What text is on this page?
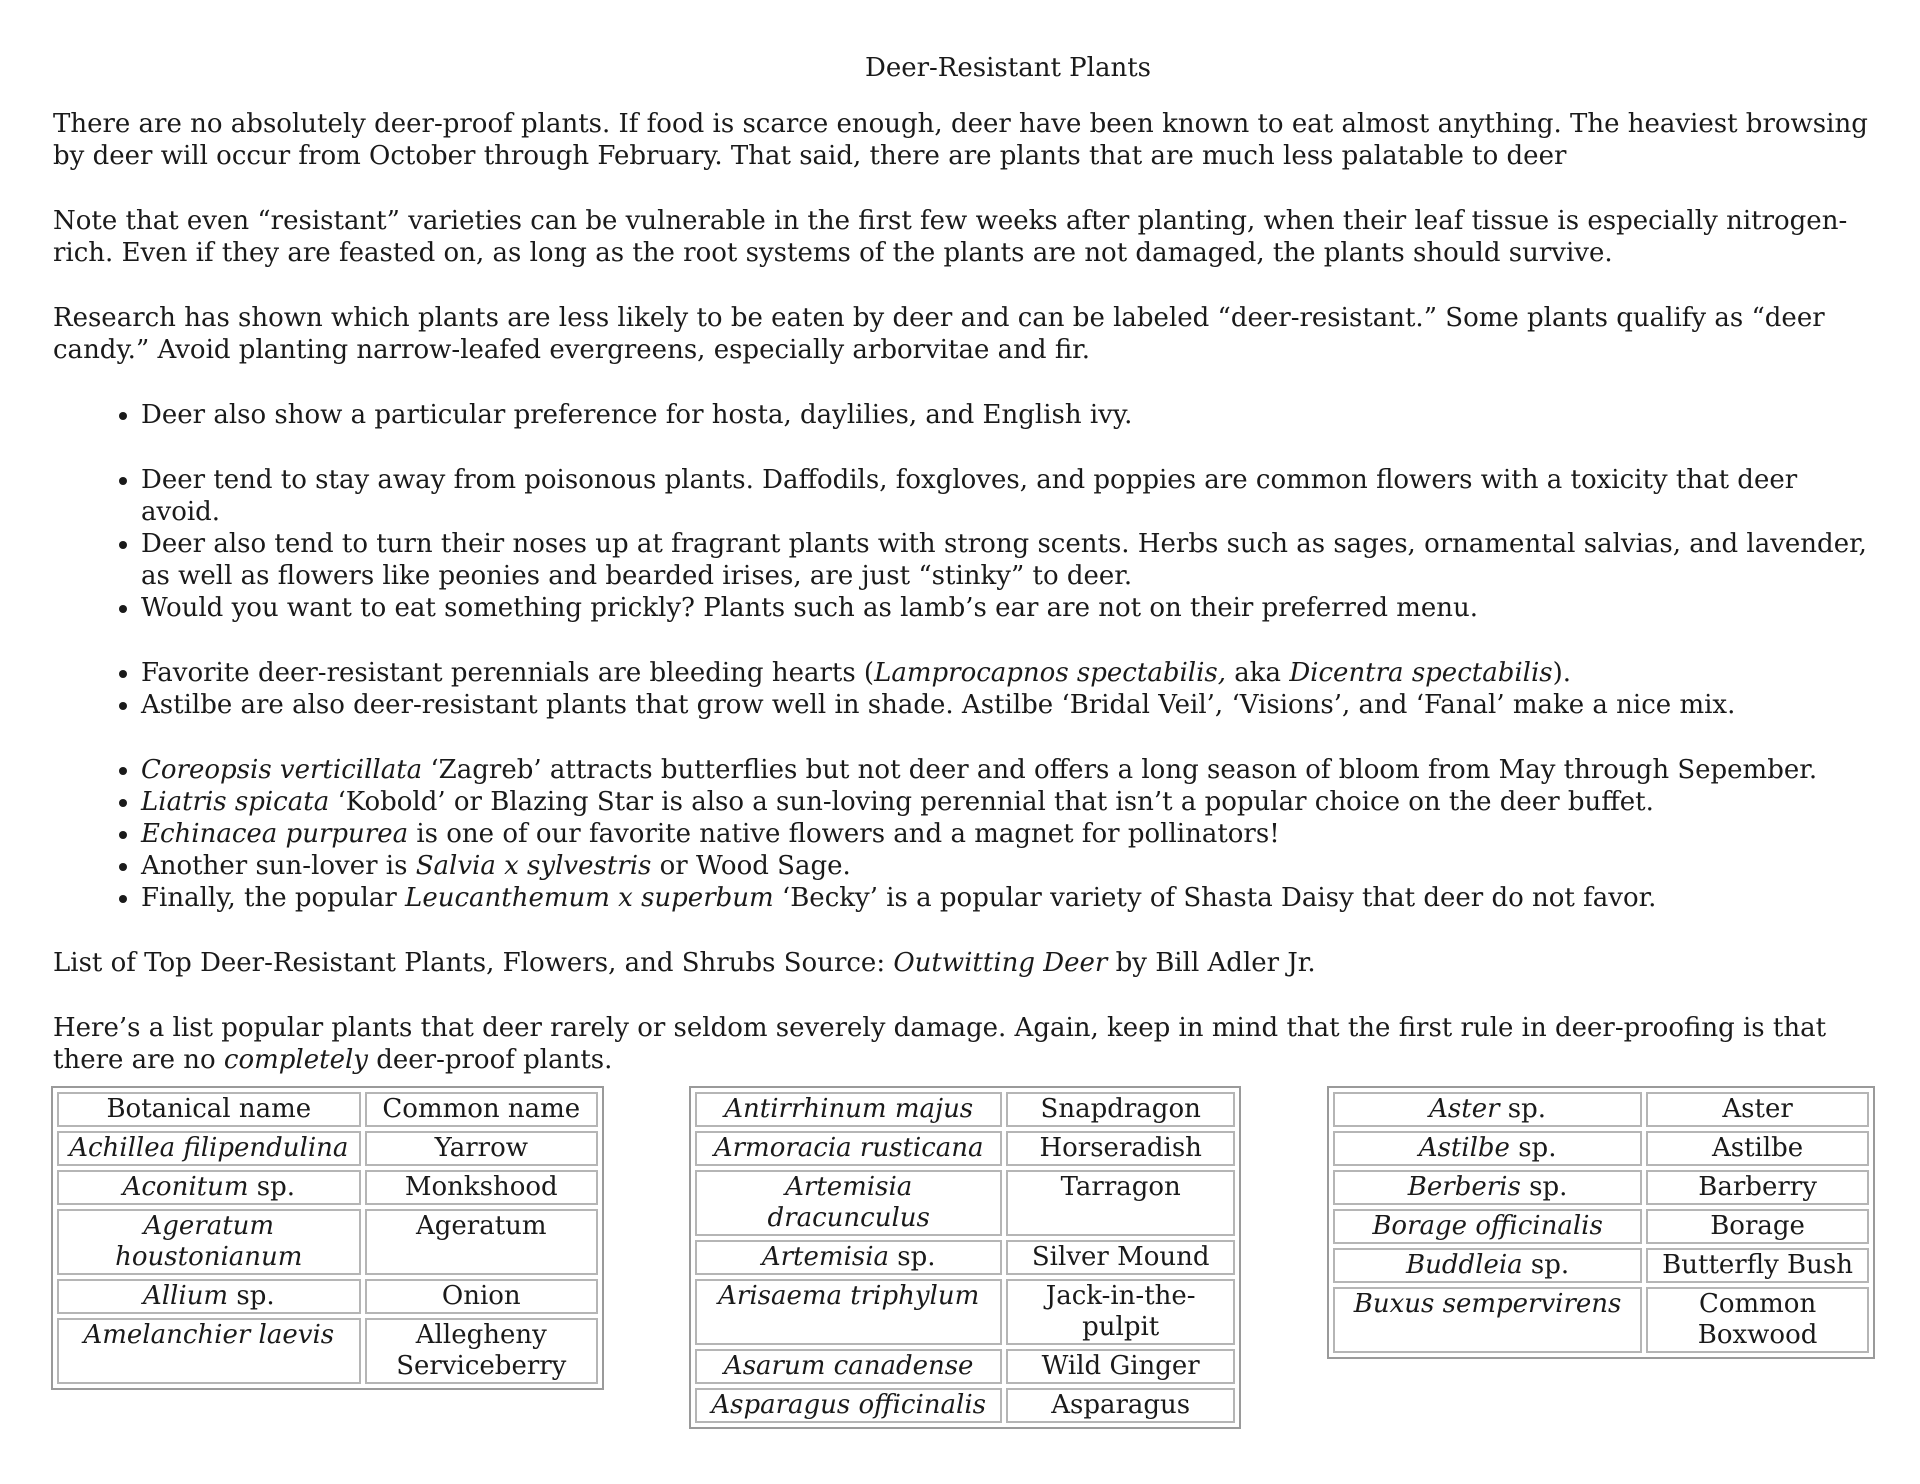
Deer-Resistant Plants

There are no absolutely deer-proof plants. If food is scarce enough, deer have been known to eat almost anything. The heaviest browsing by deer will occur from October through February. That said, there are plants that are much less palatable to deer

Note that even “resistant” varieties can be vulnerable in the first few weeks after planting, when their leaf tissue is especially nitrogen-rich. Even if they are feasted on, as long as the root systems of the plants are not damaged, the plants should survive.

Research has shown which plants are less likely to be eaten by deer and can be labeled “deer-resistant.” Some plants qualify as “deer candy.” Avoid planting narrow-leafed evergreens, especially arborvitae and fir.

• Deer also show a particular preference for hosta, daylilies, and English ivy.
• Deer tend to stay away from poisonous plants. Daffodils, foxgloves, and poppies are common flowers with a toxicity that deer avoid.
• Deer also tend to turn their noses up at fragrant plants with strong scents. Herbs such as sages, ornamental salvias, and lavender, as well as flowers like peonies and bearded irises, are just “stinky” to deer.
• Would you want to eat something prickly? Plants such as lamb’s ear are not on their preferred menu.
• Favorite deer-resistant perennials are bleeding hearts (Lamprocapnos spectabilis, aka Dicentra spectabilis).
• Astilbe are also deer-resistant plants that grow well in shade. Astilbe ‘Bridal Veil’, ‘Visions’, and ‘Fanal’ make a nice mix.
• Coreopsis verticillata ‘Zagreb’ attracts butterflies but not deer and offers a long season of bloom from May through Sepember.
• Liatris spicata ‘Kobold’ or Blazing Star is also a sun-loving perennial that isn’t a popular choice on the deer buffet.
• Echinacea purpurea is one of our favorite native flowers and a magnet for pollinators!
• Another sun-lover is Salvia x sylvestris or Wood Sage.
• Finally, the popular Leucanthemum x superbum ‘Becky’ is a popular variety of Shasta Daisy that deer do not favor.

List of Top Deer-Resistant Plants, Flowers, and Shrubs Source: Outwitting Deer by Bill Adler Jr.

Here’s a list popular plants that deer rarely or seldom severely damage. Again, keep in mind that the first rule in deer-proofing is that there are no completely deer-proof plants.

Botanical name	Common name
Achillea filipendulina	Yarrow
Aconitum sp.	Monkshood
Ageratum houstonianum	Ageratum
Allium sp.	Onion
Amelanchier laevis	Allegheny Serviceberry
Antirrhinum majus	Snapdragon
Armoracia rusticana	Horseradish
Artemisia dracunculus	Tarragon
Artemisia sp.	Silver Mound
Arisaema triphylum	Jack-in-the-pulpit
Asarum canadense	Wild Ginger
Asparagus officinalis	Asparagus
Aster sp.	Aster
Astilbe sp.	Astilbe
Berberis sp.	Barberry
Borage officinalis	Borage
Buddleia sp.	Butterfly Bush
Buxus sempervirens	Common Boxwood
